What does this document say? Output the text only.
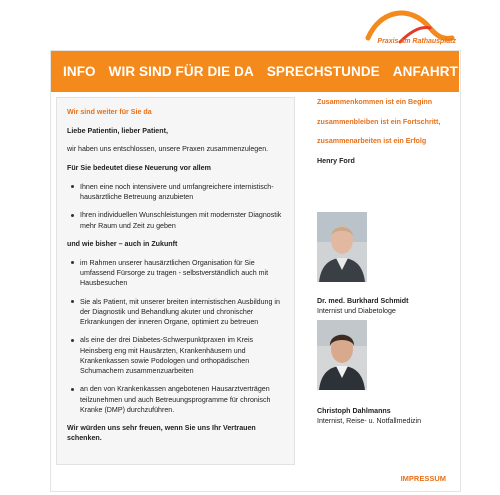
Praxis am Rathausplatz
INFO WIR SIND FÜR DIE DA SPRECHSTUNDE ANFAHRT

Wir sind weiter für Sie da

Liebe Patientin, lieber Patient,

wir haben uns entschlossen, unsere Praxen zusammenzulegen.

Für Sie bedeutet diese Neuerung vor allem

Ihnen eine noch intensivere und umfangreichere internistisch-hausärztliche Betreuung anzubieten
Ihren individuellen Wunschleistungen mit modernster Diagnostik mehr Raum und Zeit zu geben

und wie bisher – auch in Zukunft

im Rahmen unserer hausärztlichen Organisation für Sie umfassend Fürsorge zu tragen - selbstverständlich auch mit Hausbesuchen
Sie als Patient, mit unserer breiten internistischen Ausbildung in der Diagnostik und Behandlung akuter und chronischer Erkrankungen der inneren Organe, optimiert zu betreuen
als eine der drei Diabetes-Schwerpunktpraxen im Kreis Heinsberg eng mit Hausärzten, Krankenhäusern und Krankenkassen sowie Podologen und orthopädischen Schumachern zusammenzuarbeiten
an den von Krankenkassen angebotenen Hausarztverträgen teilzunehmen und auch Betreuungsprogramme für chronisch Kranke (DMP) durchzuführen.

Wir würden uns sehr freuen, wenn Sie uns Ihr Vertrauen schenken.

Zusammenkommen ist ein Beginn
zusammenbleiben ist ein Fortschritt,
zusammenarbeiten ist ein Erfolg
Henry Ford
Dr. med. Burkhard Schmidt
Internist und Diabetologe
Christoph Dahlmanns
Internist, Reise- u. Notfallmedizin
IMPRESSUM
